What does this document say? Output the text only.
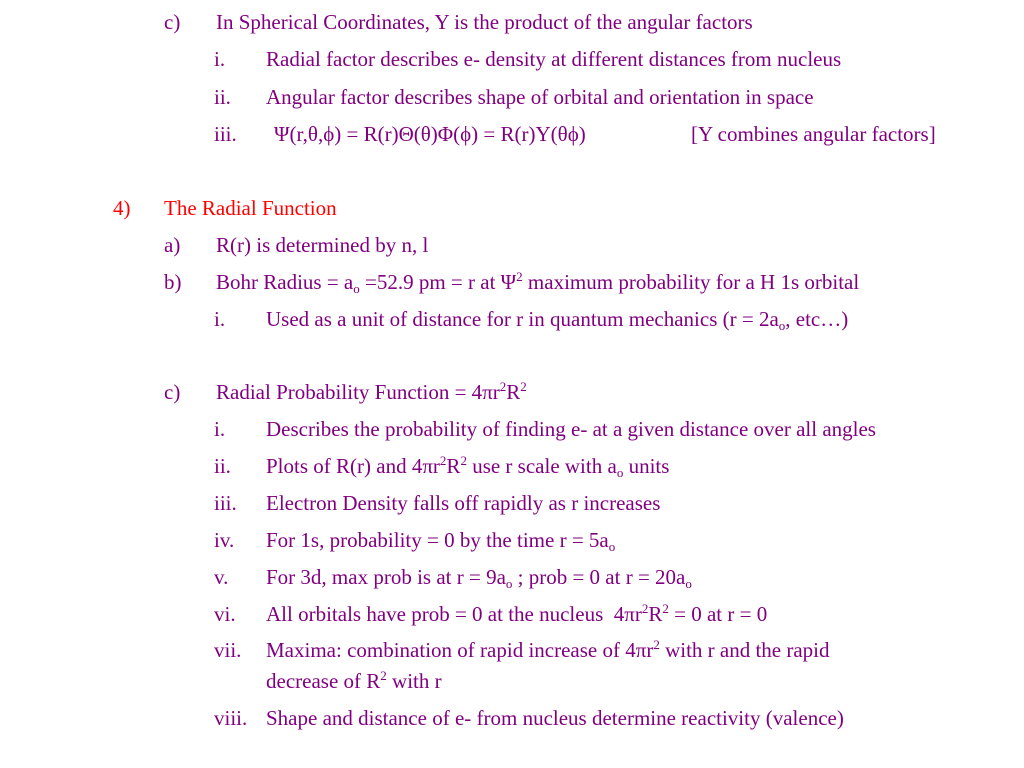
c) In Spherical Coordinates, Y is the product of the angular factors
i. Radial factor describes e- density at different distances from nucleus
ii. Angular factor describes shape of orbital and orientation in space
iii. Ψ(r,θ,ϕ) = R(r)Θ(θ)Φ(ϕ) = R(r)Y(θϕ)	[Y combines angular factors]
4) The Radial Function
a) R(r) is determined by n, l
b) Bohr Radius = $a_o =52.9$ pm = r at $\Psi^2$ maximum probability for a H 1s orbital
i. Used as a unit of distance for r in quantum mechanics ($r = 2a_o$, etc…)
c) Radial Probability Function = $4\pi r^2R^2$
i. Describes the probability of finding e- at a given distance over all angles
ii. Plots of R(r) and $4\pi r^2R^2$ use r scale with $a_o$ units
iii. Electron Density falls off rapidly as r increases
iv. For 1s, probability = 0 by the time $r = 5a_o$
v. For 3d, max prob is at $r = 9a_o$ ; prob = 0 at $r = 20a_o$
vi. All orbitals have prob = 0 at the nucleus  $4\pi r^2R^2 = 0$ at r = 0
vii. Maxima: combination of rapid increase of $4\pi r^2$ with r and the rapid
decrease of $R^2$ with r
viii. Shape and distance of e- from nucleus determine reactivity (valence)
